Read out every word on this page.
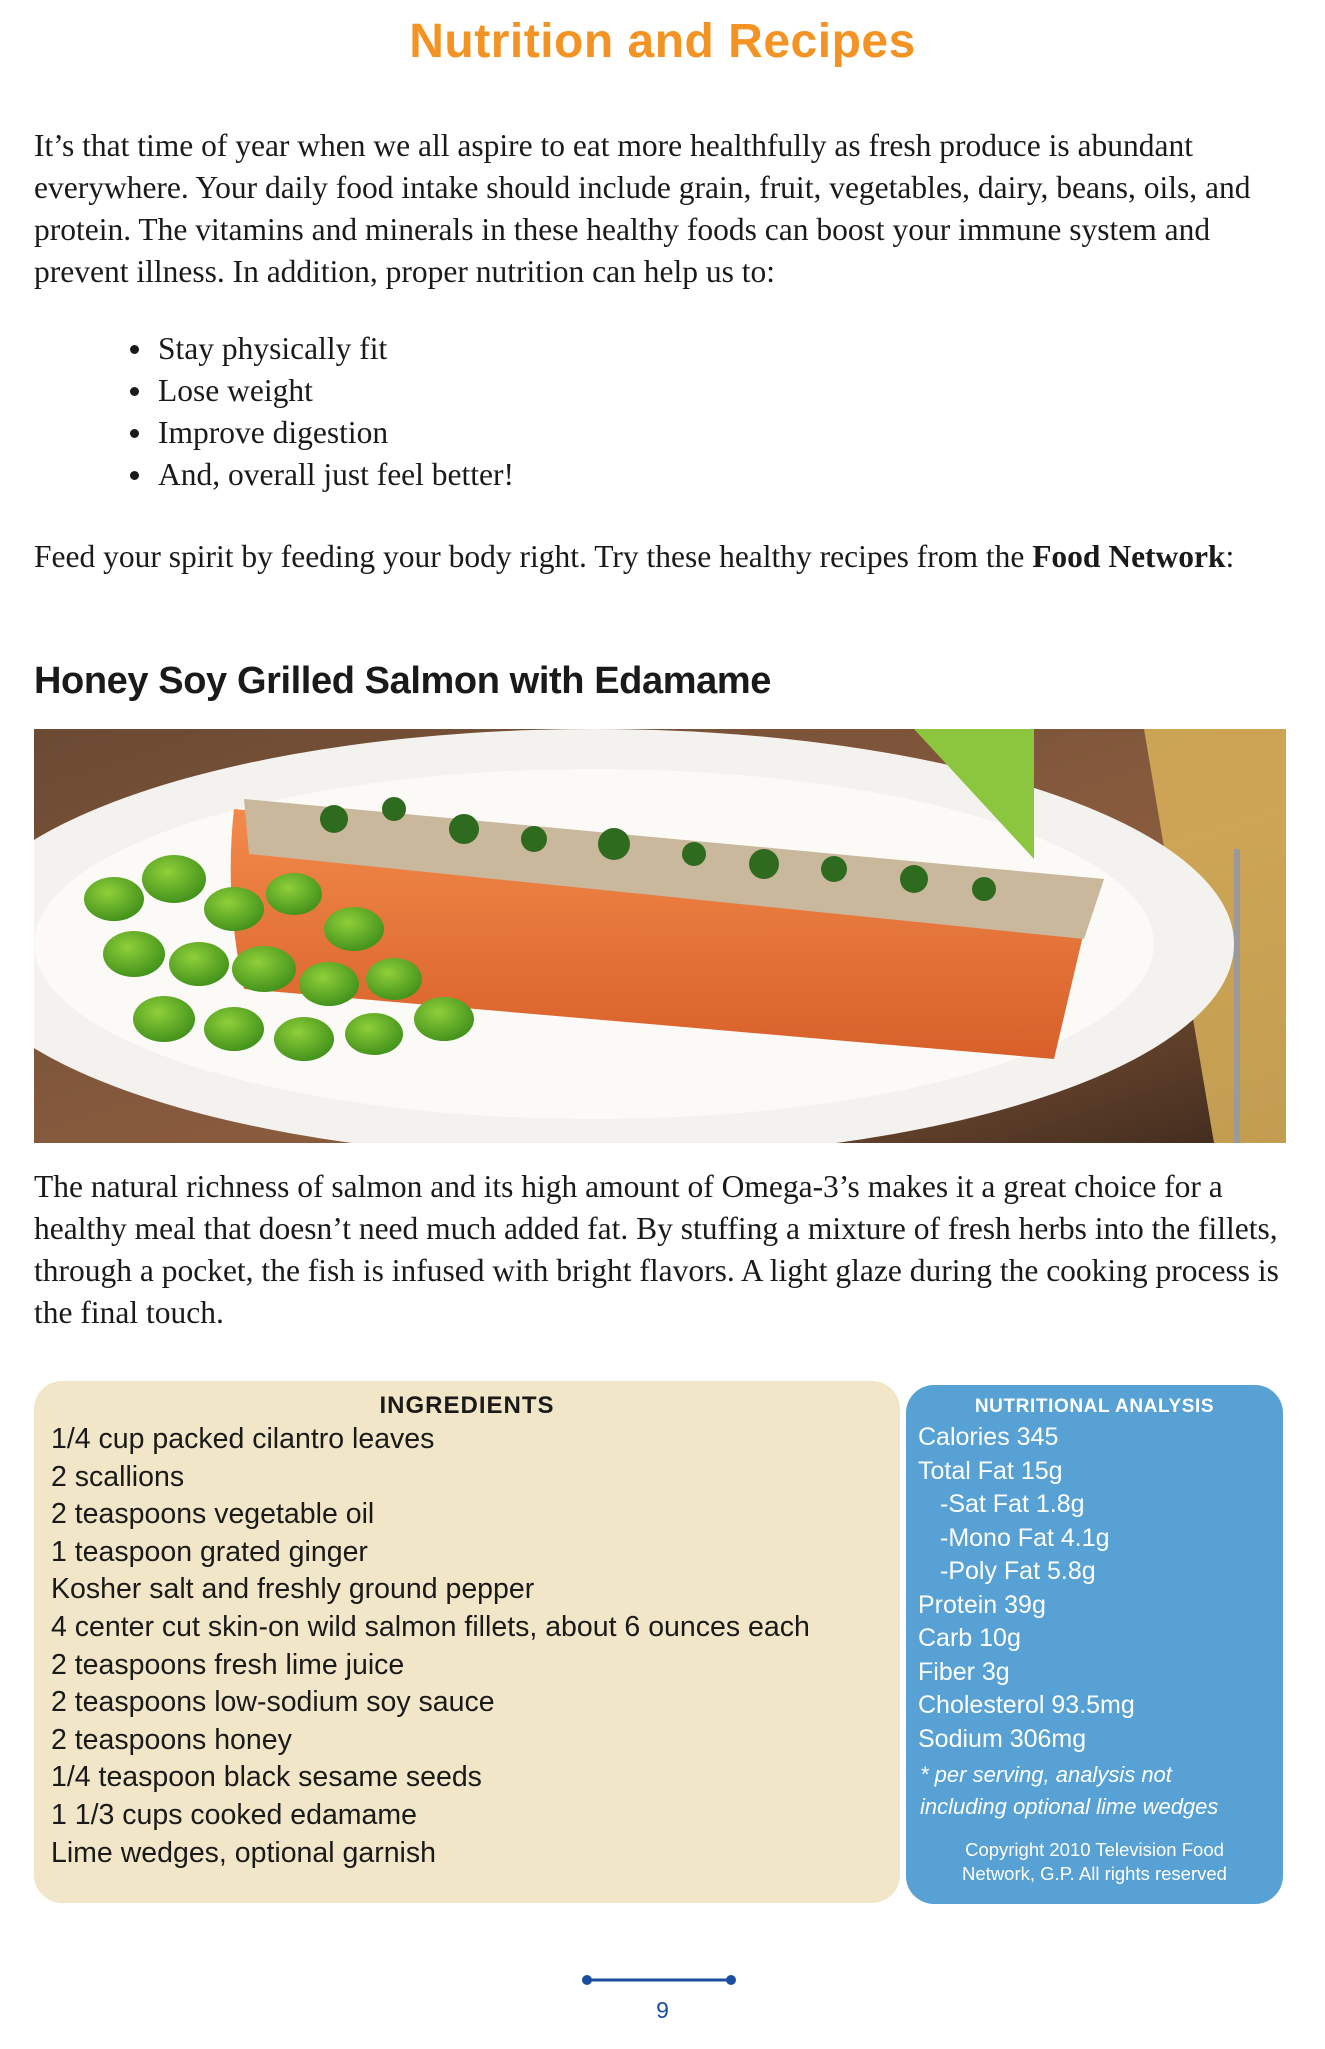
Nutrition and Recipes

It’s that time of year when we all aspire to eat more healthfully as fresh produce is abundant everywhere. Your daily food intake should include grain, fruit, vegetables, dairy, beans, oils, and protein. The vitamins and minerals in these healthy foods can boost your immune system and prevent illness. In addition, proper nutrition can help us to:

Stay physically fit
Lose weight
Improve digestion
And, overall just feel better!

Feed your spirit by feeding your body right. Try these healthy recipes from the Food Network:

Honey Soy Grilled Salmon with Edamame

The natural richness of salmon and its high amount of Omega-3’s makes it a great choice for a healthy meal that doesn’t need much added fat. By stuffing a mixture of fresh herbs into the fillets, through a pocket, the fish is infused with bright flavors. A light glaze during the cooking process is the final touch.

INGREDIENTS
1/4 cup packed cilantro leaves
2 scallions
2 teaspoons vegetable oil
1 teaspoon grated ginger
Kosher salt and freshly ground pepper
4 center cut skin-on wild salmon fillets, about 6 ounces each
2 teaspoons fresh lime juice
2 teaspoons low-sodium soy sauce
2 teaspoons honey
1/4 teaspoon black sesame seeds
1 1/3 cups cooked edamame
Lime wedges, optional garnish
NUTRITIONAL ANALYSIS
Calories 345
Total Fat 15g
-Sat Fat 1.8g
-Mono Fat 4.1g
-Poly Fat 5.8g
Protein 39g
Carb 10g
Fiber 3g
Cholesterol 93.5mg
Sodium 306mg

* per serving, analysis not
including optional lime wedges

Copyright 2010 Television Food
Network, G.P. All rights reserved

9
